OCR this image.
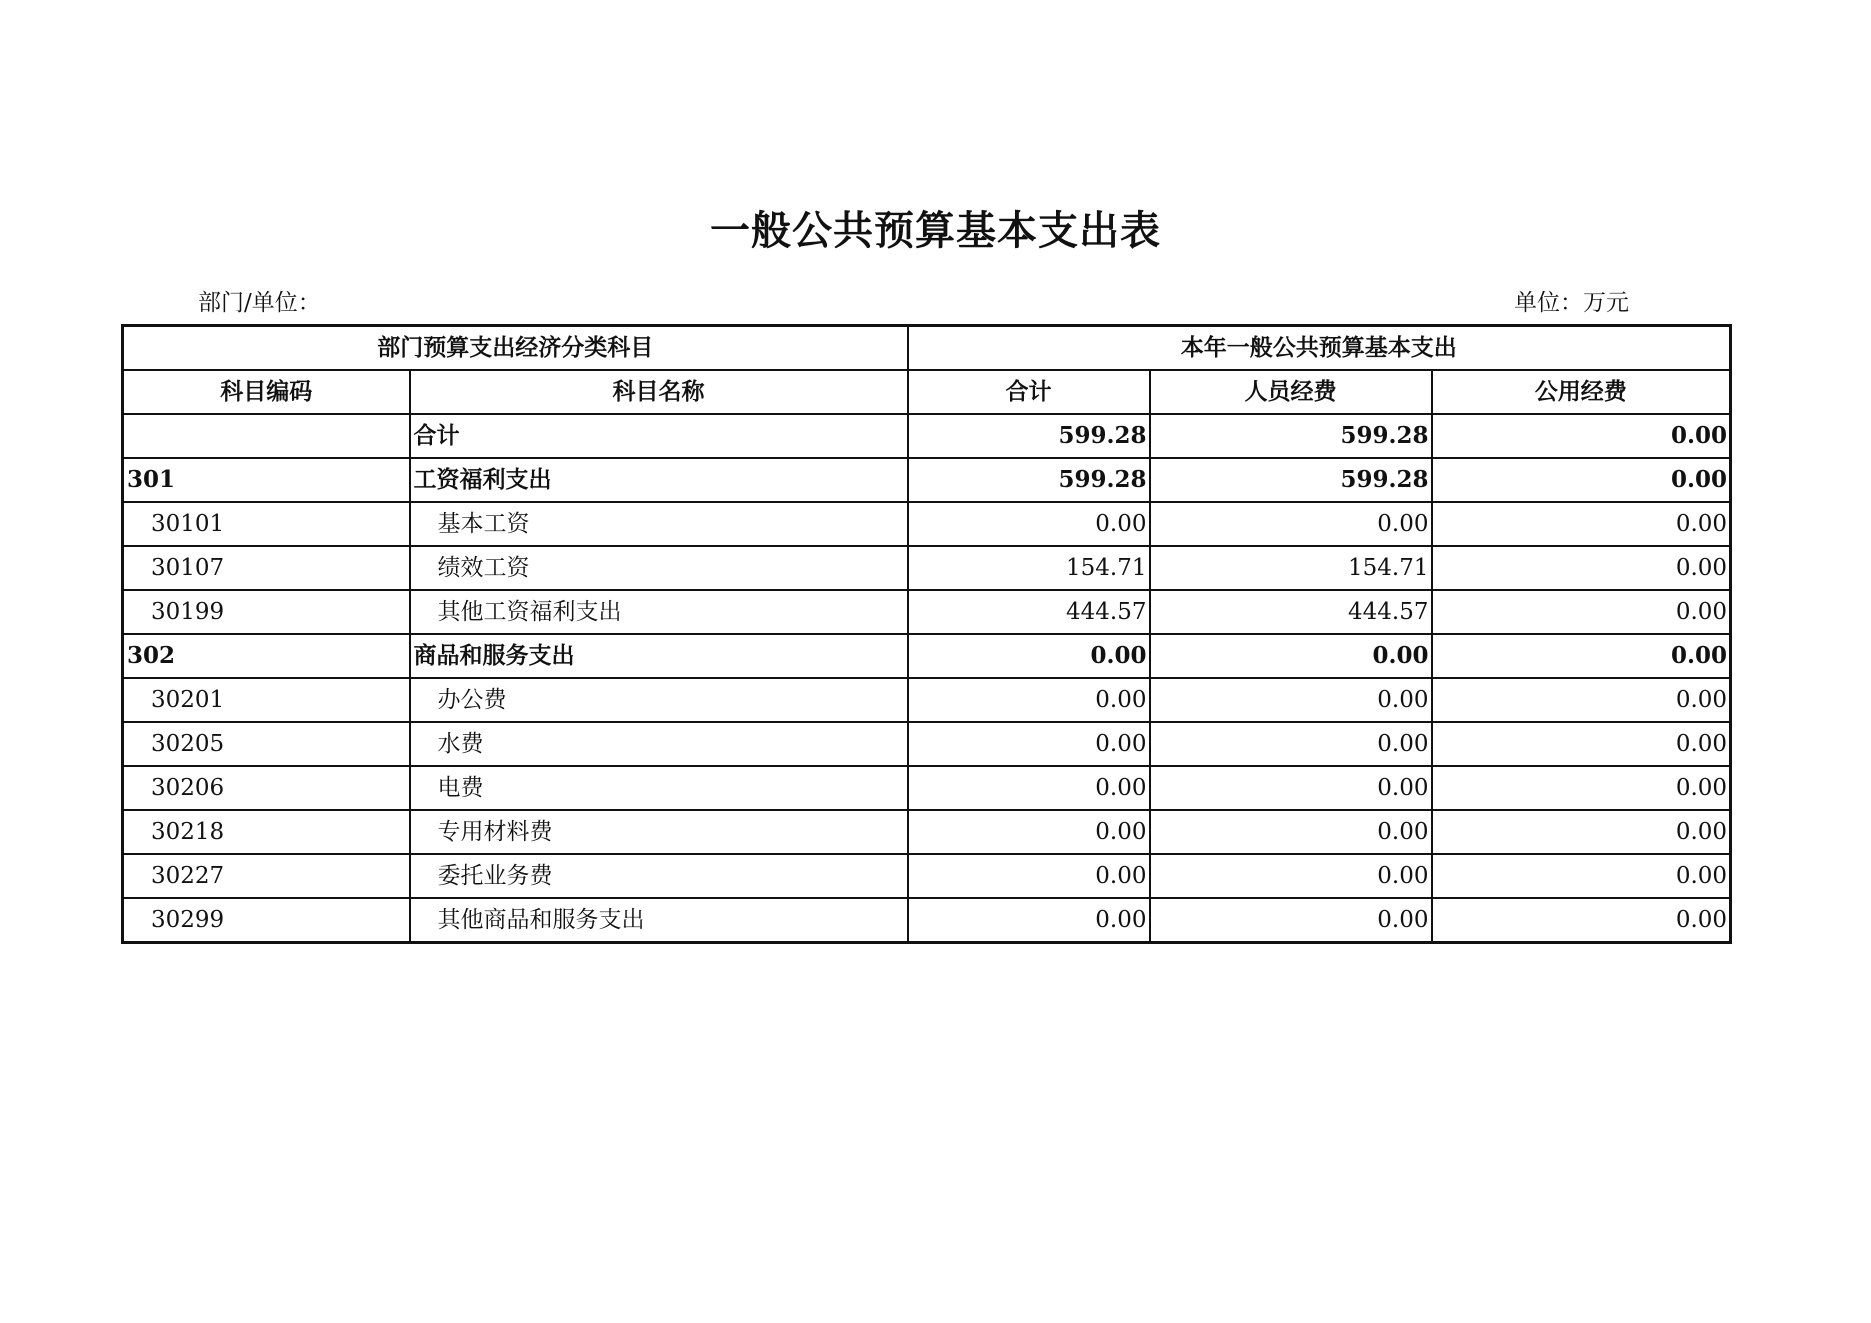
一般公共预算基本支出表
部门/单位：	单位：万元
部门预算支出经济分类科目		本年一般公共预算基本支出		
科目编码	科目名称	合计	人员经费	公用经费
	合计	599.28	599.28	0.00
301	工资福利支出	599.28	599.28	0.00
30101	基本工资	0.00	0.00	0.00
30107	绩效工资	154.71	154.71	0.00
30199	其他工资福利支出	444.57	444.57	0.00
302	商品和服务支出	0.00	0.00	0.00
30201	办公费	0.00	0.00	0.00
30205	水费	0.00	0.00	0.00
30206	电费	0.00	0.00	0.00
30218	专用材料费	0.00	0.00	0.00
30227	委托业务费	0.00	0.00	0.00
30299	其他商品和服务支出	0.00	0.00	0.00
